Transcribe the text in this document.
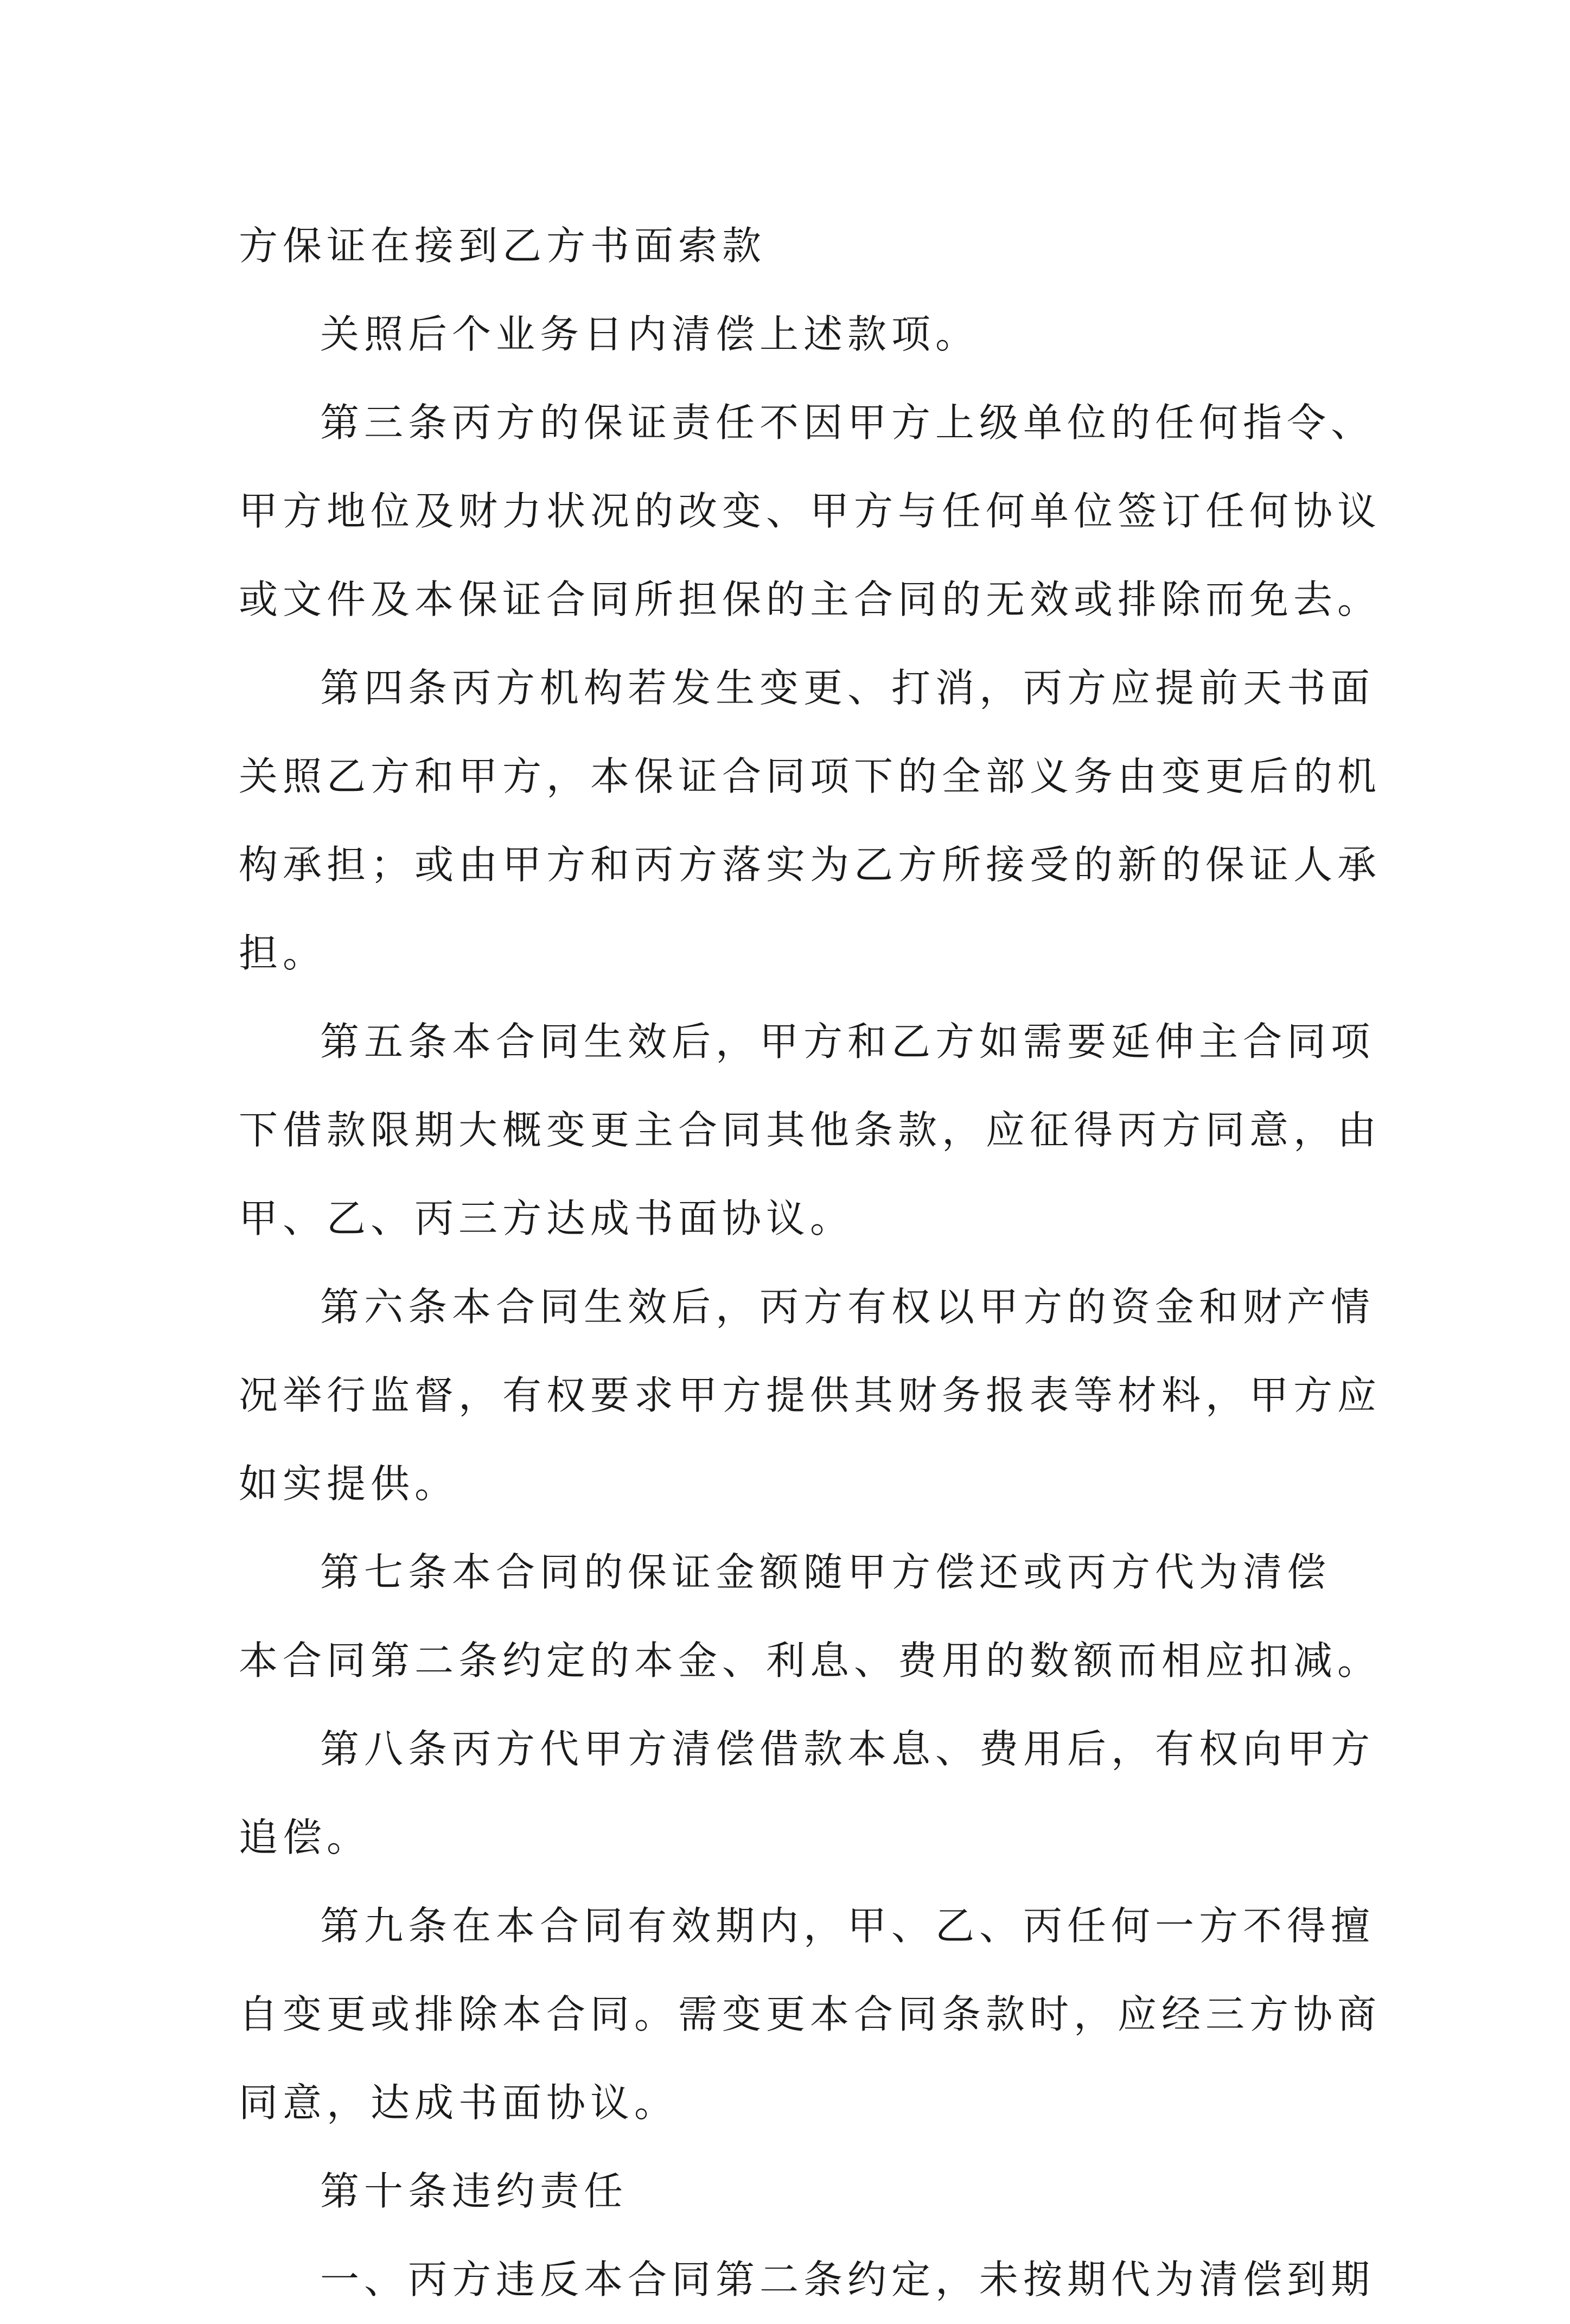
方保证在接到乙方书面索款
关照后个业务日内清偿上述款项。
第三条丙方的保证责任不因甲方上级单位的任何指令、
甲方地位及财力状况的改变、甲方与任何单位签订任何协议
或文件及本保证合同所担保的主合同的无效或排除而免去。
第四条丙方机构若发生变更、打消，丙方应提前天书面
关照乙方和甲方，本保证合同项下的全部义务由变更后的机
构承担；或由甲方和丙方落实为乙方所接受的新的保证人承
担。
第五条本合同生效后，甲方和乙方如需要延伸主合同项
下借款限期大概变更主合同其他条款，应征得丙方同意，由
甲、乙、丙三方达成书面协议。
第六条本合同生效后，丙方有权以甲方的资金和财产情
况举行监督，有权要求甲方提供其财务报表等材料，甲方应
如实提供。
第七条本合同的保证金额随甲方偿还或丙方代为清偿
本合同第二条约定的本金、利息、费用的数额而相应扣减。
第八条丙方代甲方清偿借款本息、费用后，有权向甲方
追偿。
第九条在本合同有效期内，甲、乙、丙任何一方不得擅
自变更或排除本合同。需变更本合同条款时，应经三方协商
同意，达成书面协议。
第十条违约责任
一、丙方违反本合同第二条约定，未按期代为清偿到期
